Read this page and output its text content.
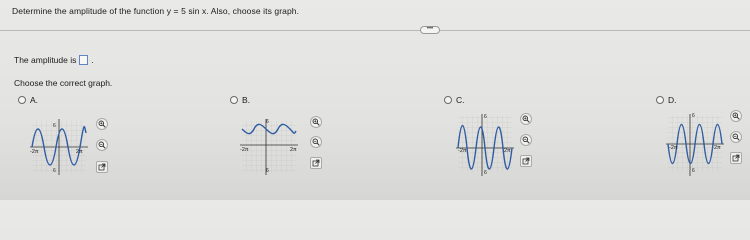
Determine the amplitude of the function y = 5 sin x. Also, choose its graph.
•••
The amplitude is .
Choose the correct graph.
A.
-2π	2π
6
6
B.
-2π	2π
6
6
C.
-2π	2π
6
6
D.
-2π	2π
6
6
